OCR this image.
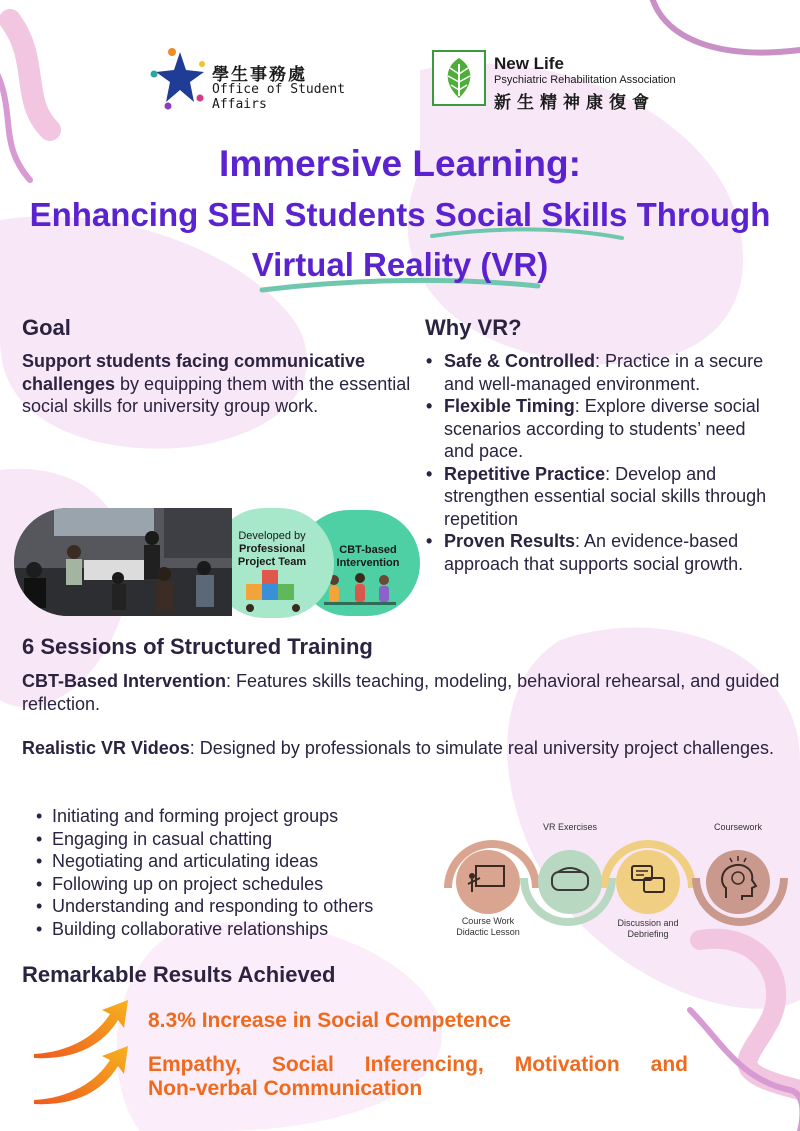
學生事務處
Office of Student Affairs
New Life
Psychiatric Rehabilitation Association
新生精神康復會
Immersive Learning:
Enhancing SEN Students Social Skills Through
Virtual Reality (VR)
Goal

Support students facing communicative challenges by equipping them with the essential social skills for university group work.

Why VR?
• Safe & Controlled: Practice in a secure and well-managed environment.
• Flexible Timing: Explore diverse social scenarios according to students’ need and pace.
• Repetitive Practice: Develop and strengthen essential social skills through repetition
• Proven Results: An evidence-based approach that supports social growth.
CBT-based
Intervention
Developed by
Professional
Project Team
6 Sessions of Structured Training

CBT-Based Intervention: Features skills teaching, modeling, behavioral rehearsal, and guided reflection.

Realistic VR Videos: Designed by professionals to simulate real university project challenges.

• Initiating and forming project groups
• Engaging in casual chatting
• Negotiating and articulating ideas
• Following up on project schedules
• Understanding and responding to others
• Building collaborative relationships	Course Work
Didactic Lesson
VR Exercises
Discussion and
Debriefing
Coursework
Remarkable Results Achieved
8.3% Increase in Social Competence
Empathy, Social Inferencing, Motivation and
Non-verbal Communication
